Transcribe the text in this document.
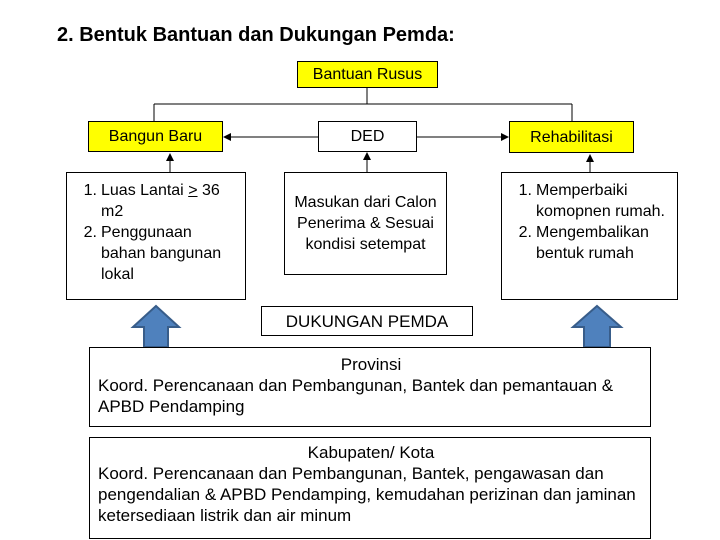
2. Bentuk Bantuan dan Dukungan Pemda:
Bantuan Rusus
Bangun Baru	DED	Rehabilitasi
1. Luas Lantai > 36 m2
2. Penggunaan bahan bangunan lokal
Masukan dari Calon Penerima & Sesuai kondisi setempat
1. Memperbaiki komopnen rumah.
2. Mengembalikan bentuk rumah
DUKUNGAN PEMDA
Provinsi
Koord. Perencanaan dan Pembangunan, Bantek dan pemantauan & APBD Pendamping
Kabupaten/ Kota
Koord. Perencanaan dan Pembangunan, Bantek, pengawasan dan pengendalian & APBD Pendamping, kemudahan perizinan dan jaminan ketersediaan listrik dan air minum
